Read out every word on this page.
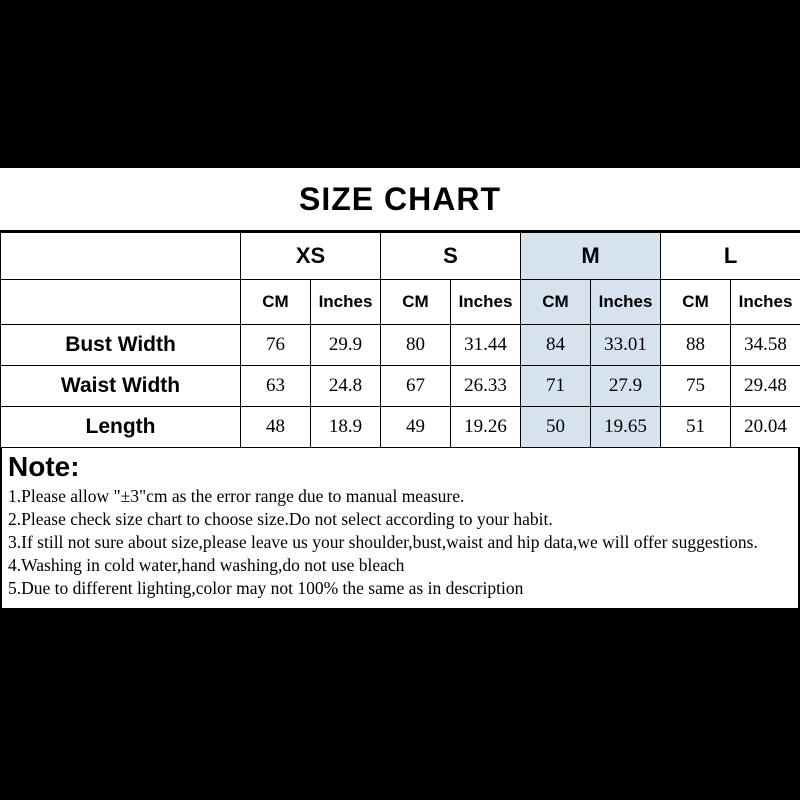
SIZE CHART
	XS		S		M		L	
	CM	Inches	CM	Inches	CM	Inches	CM	Inches
Bust Width	76	29.9	80	31.44	84	33.01	88	34.58
Waist Width	63	24.8	67	26.33	71	27.9	75	29.48
Length	48	18.9	49	19.26	50	19.65	51	20.04
Note:
1.Please allow "±3"cm as the error range due to manual measure.
2.Please check size chart to choose size.Do not select according to your habit.
3.If still not sure about size,please leave us your shoulder,bust,waist and hip data,we will offer suggestions.
4.Washing in cold water,hand washing,do not use bleach
5.Due to different lighting,color may not 100% the same as in description
